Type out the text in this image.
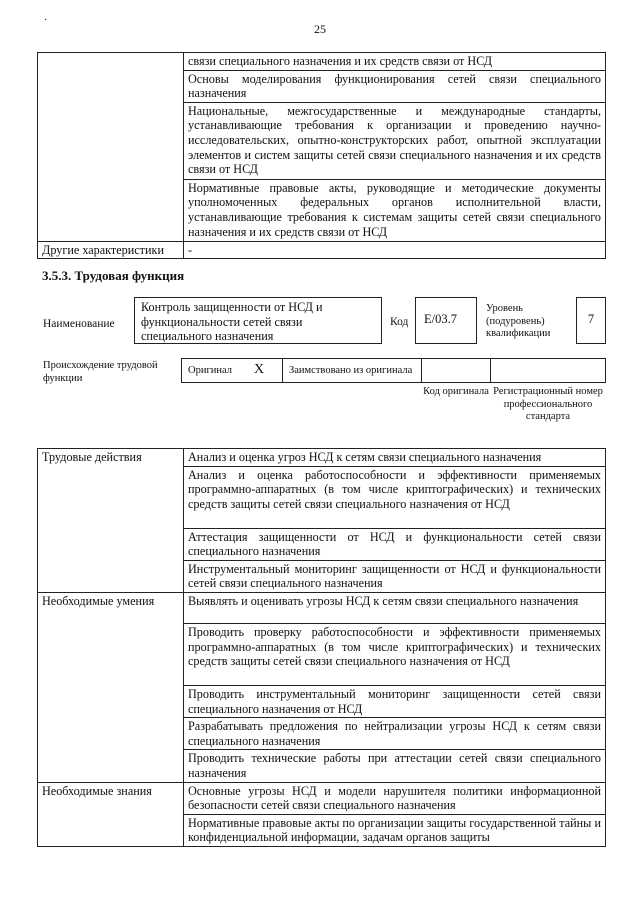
·
25
	связи специального назначения и их средств связи от НСД
	Основы моделирования функционирования сетей связи специального назначения
	Национальные, межгосударственные и международные стандарты, устанавливающие требования к организации и проведению научно-исследовательских, опытно-конструкторских работ, опытной эксплуатации элементов и систем защиты сетей связи специального назначения и их средств связи от НСД
	Нормативные правовые акты, руководящие и методические документы уполномоченных федеральных органов исполнительной власти, устанавливающие требования к системам защиты сетей связи специального назначения и их средств связи от НСД
Другие характеристики	-
3.5.3. Трудовая функция
Наименование
Контроль защищенности от НСД и функциональности сетей связи специального назначения
Код	E/03.7
Уровень (подуровень) квалификации
7
Происхождение трудовой функции
Оригинал X	Заимствовано из оригинала
Код оригинала Регистрационный номер профессионального стандарта
Трудовые действия	Анализ и оценка угроз НСД к сетям связи специального назначения
	Анализ и оценка работоспособности и эффективности применяемых программно-аппаратных (в том числе криптографических) и технических средств защиты сетей связи специального назначения от НСД
	Аттестация защищенности от НСД и функциональности сетей связи специального назначения
	Инструментальный мониторинг защищенности от НСД и функциональности сетей связи специального назначения
Необходимые умения	Выявлять и оценивать угрозы НСД к сетям связи специального назначения
	Проводить проверку работоспособности и эффективности применяемых программно-аппаратных (в том числе криптографических) и технических средств защиты сетей связи специального назначения от НСД
	Проводить инструментальный мониторинг защищенности сетей связи специального назначения от НСД
	Разрабатывать предложения по нейтрализации угрозы НСД к сетям связи специального назначения
	Проводить технические работы при аттестации сетей связи специального назначения
Необходимые знания	Основные угрозы НСД и модели нарушителя политики информационной безопасности сетей связи специального назначения
	Нормативные правовые акты по организации защиты государственной тайны и конфиденциальной информации, задачам органов защиты
